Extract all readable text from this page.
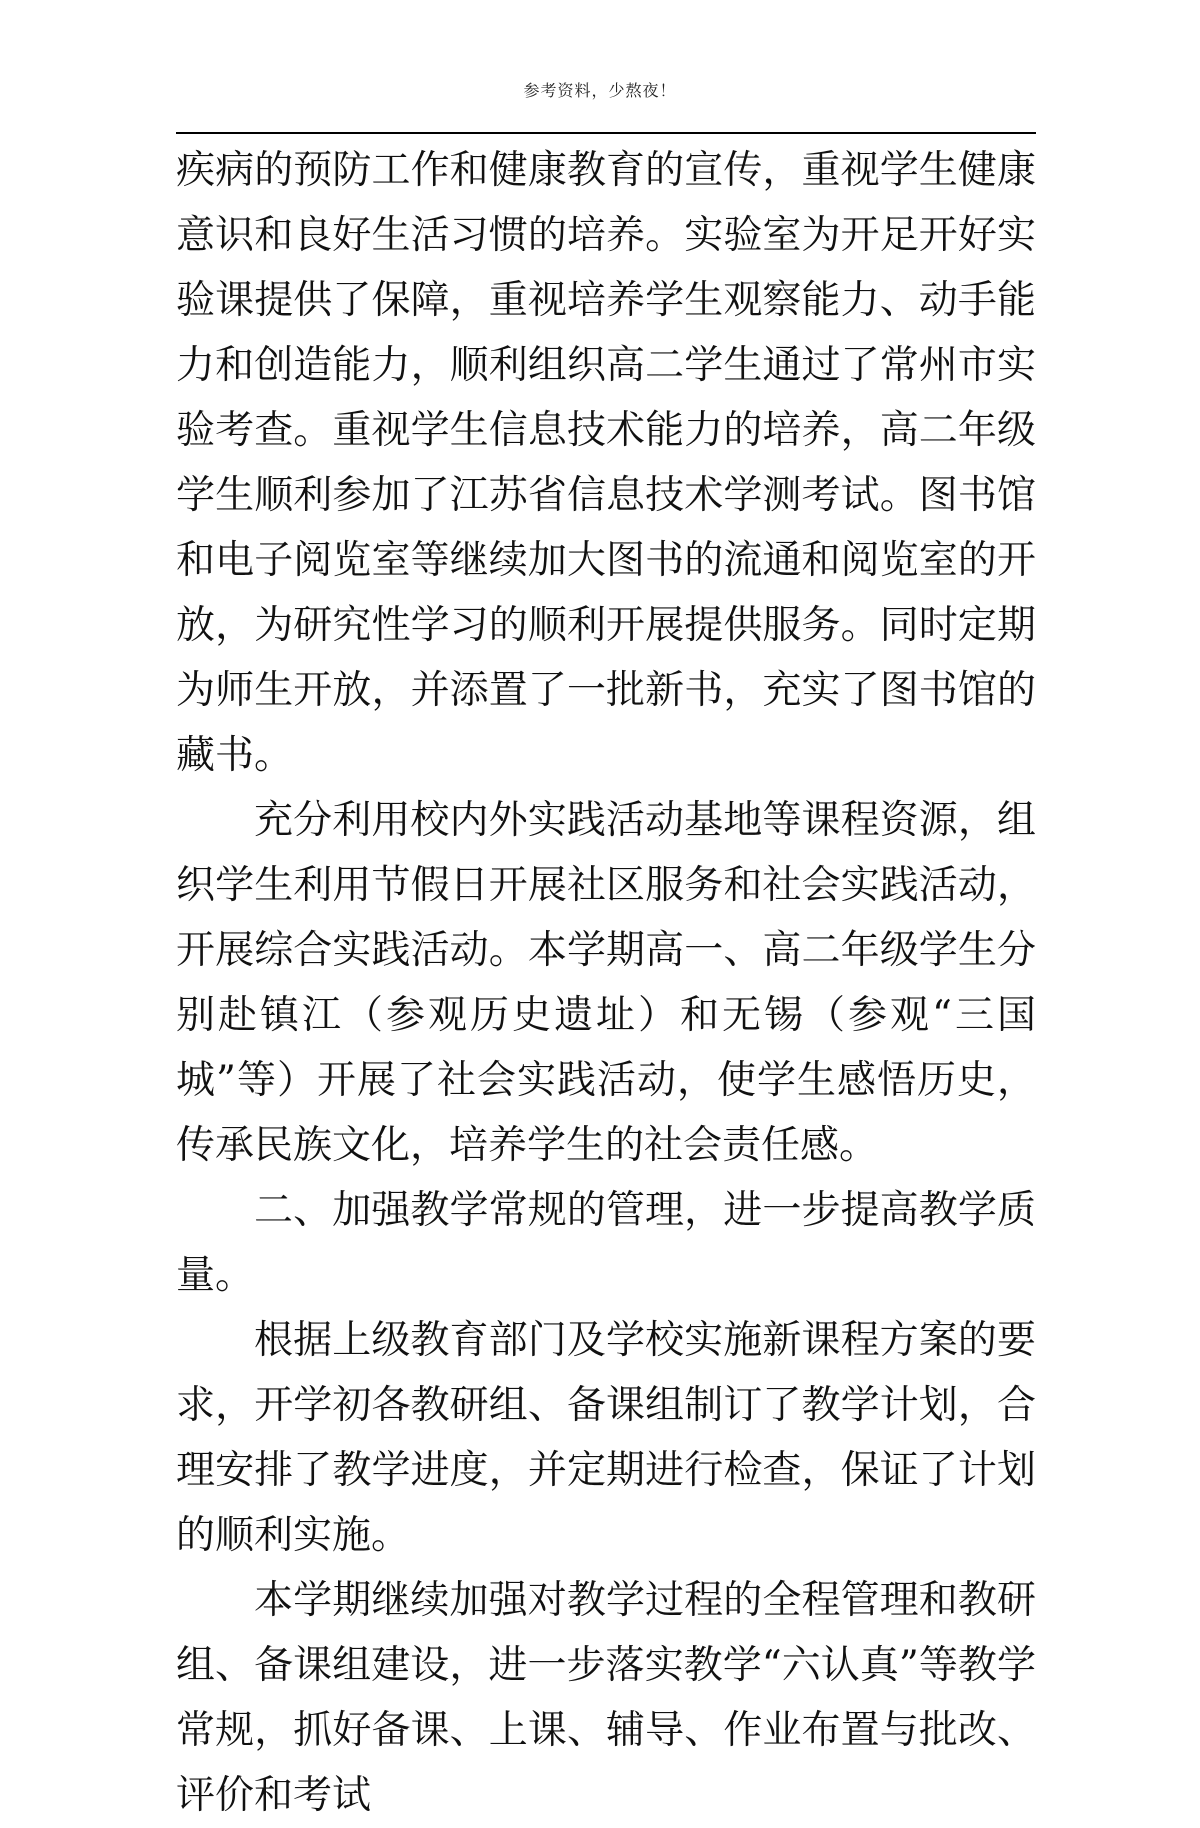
参考资料，少熬夜！

疾病的预防工作和健康教育的宣传，重视学生健康意识和良好生活习惯的培养。实验室为开足开好实验课提供了保障，重视培养学生观察能力、动手能力和创造能力，顺利组织高二学生通过了常州市实验考查。重视学生信息技术能力的培养，高二年级学生顺利参加了江苏省信息技术学测考试。图书馆和电子阅览室等继续加大图书的流通和阅览室的开放，为研究性学习的顺利开展提供服务。同时定期为师生开放，并添置了一批新书，充实了图书馆的藏书。

充分利用校内外实践活动基地等课程资源，组织学生利用节假日开展社区服务和社会实践活动，开展综合实践活动。本学期高一、高二年级学生分别赴镇江（参观历史遗址）和无锡（参观“三国城”等）开展了社会实践活动，使学生感悟历史，传承民族文化，培养学生的社会责任感。

二、加强教学常规的管理，进一步提高教学质量。

根据上级教育部门及学校实施新课程方案的要求，开学初各教研组、备课组制订了教学计划，合理安排了教学进度，并定期进行检查，保证了计划的顺利实施。

本学期继续加强对教学过程的全程管理和教研组、备课组建设，进一步落实教学“六认真”等教学常规，抓好备课、上课、辅导、作业布置与批改、评价和考试
